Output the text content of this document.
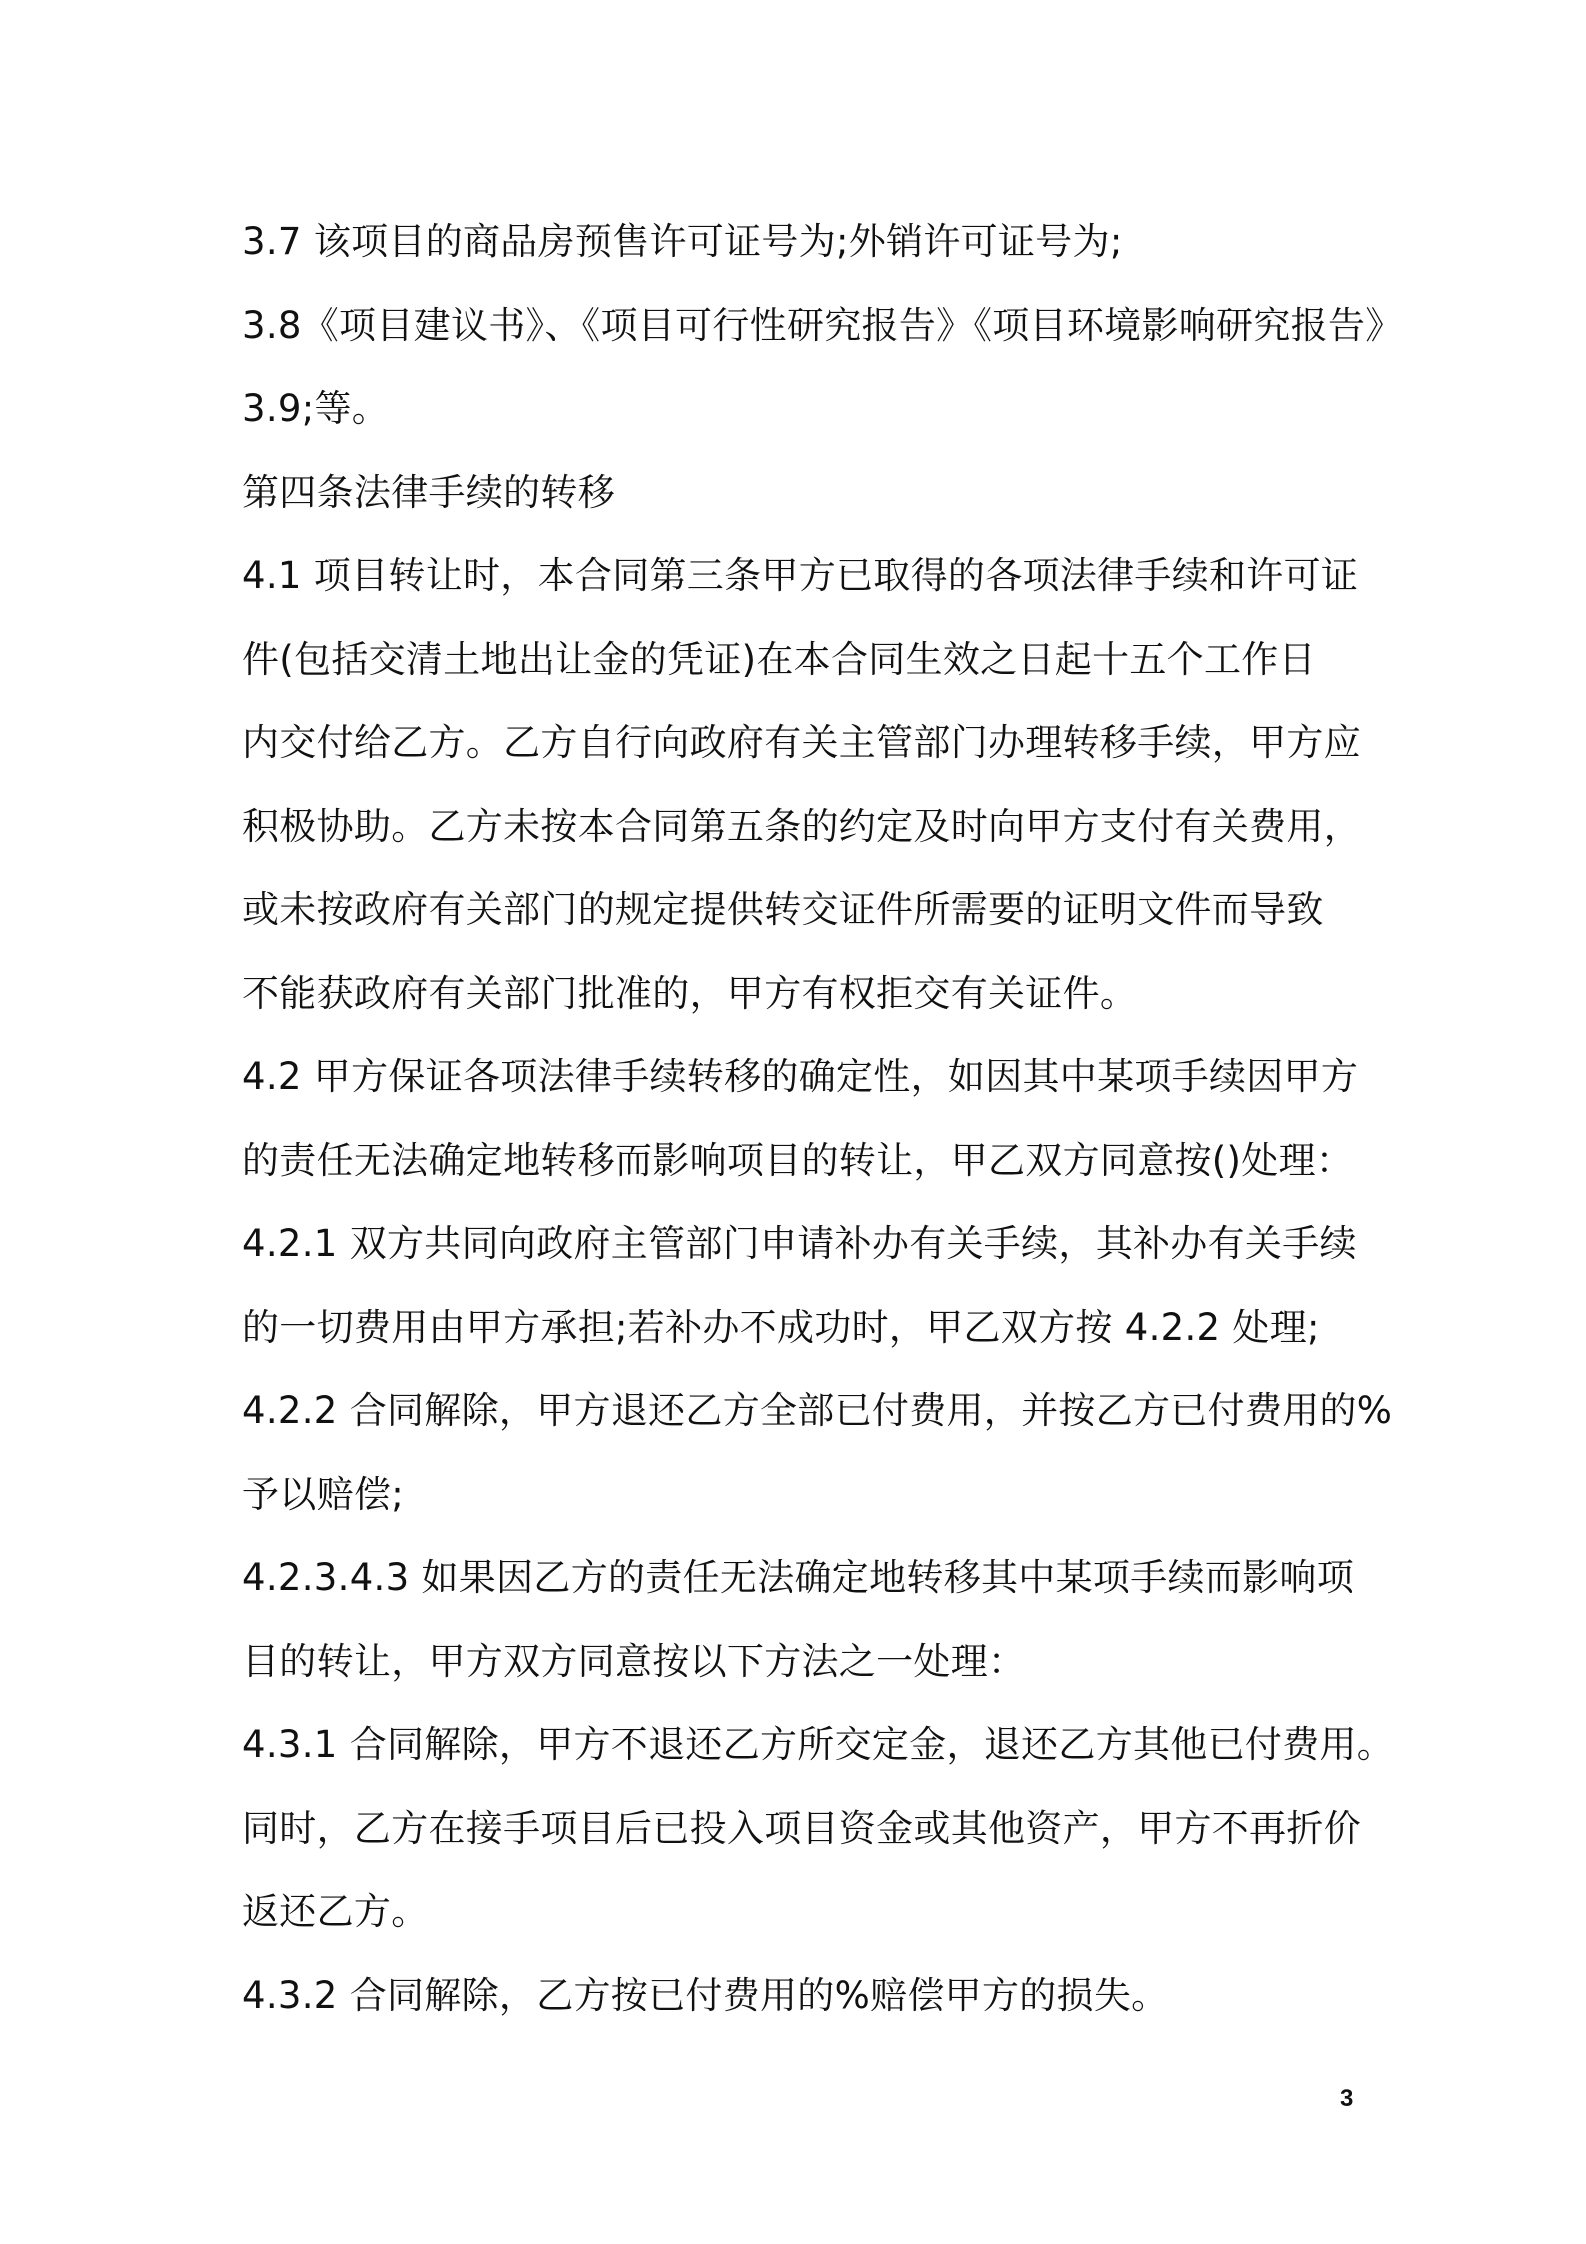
3.7 该项目的商品房预售许可证号为;外销许可证号为;
3.8《项目建议书》、《项目可行性研究报告》《项目环境影响研究报告》
3.9;等。
第四条法律手续的转移
4.1 项目转让时，本合同第三条甲方已取得的各项法律手续和许可证
件(包括交清土地出让金的凭证)在本合同生效之日起十五个工作日
内交付给乙方。乙方自行向政府有关主管部门办理转移手续，甲方应
积极协助。乙方未按本合同第五条的约定及时向甲方支付有关费用，
或未按政府有关部门的规定提供转交证件所需要的证明文件而导致
不能获政府有关部门批准的，甲方有权拒交有关证件。
4.2 甲方保证各项法律手续转移的确定性，如因其中某项手续因甲方
的责任无法确定地转移而影响项目的转让，甲乙双方同意按()处理：
4.2.1 双方共同向政府主管部门申请补办有关手续，其补办有关手续
的一切费用由甲方承担;若补办不成功时，甲乙双方按 4.2.2 处理;
4.2.2 合同解除，甲方退还乙方全部已付费用，并按乙方已付费用的%
予以赔偿;
4.2.3.4.3 如果因乙方的责任无法确定地转移其中某项手续而影响项
目的转让，甲方双方同意按以下方法之一处理：
4.3.1 合同解除，甲方不退还乙方所交定金，退还乙方其他已付费用。
同时，乙方在接手项目后已投入项目资金或其他资产，甲方不再折价
返还乙方。
4.3.2 合同解除，乙方按已付费用的%赔偿甲方的损失。
3
